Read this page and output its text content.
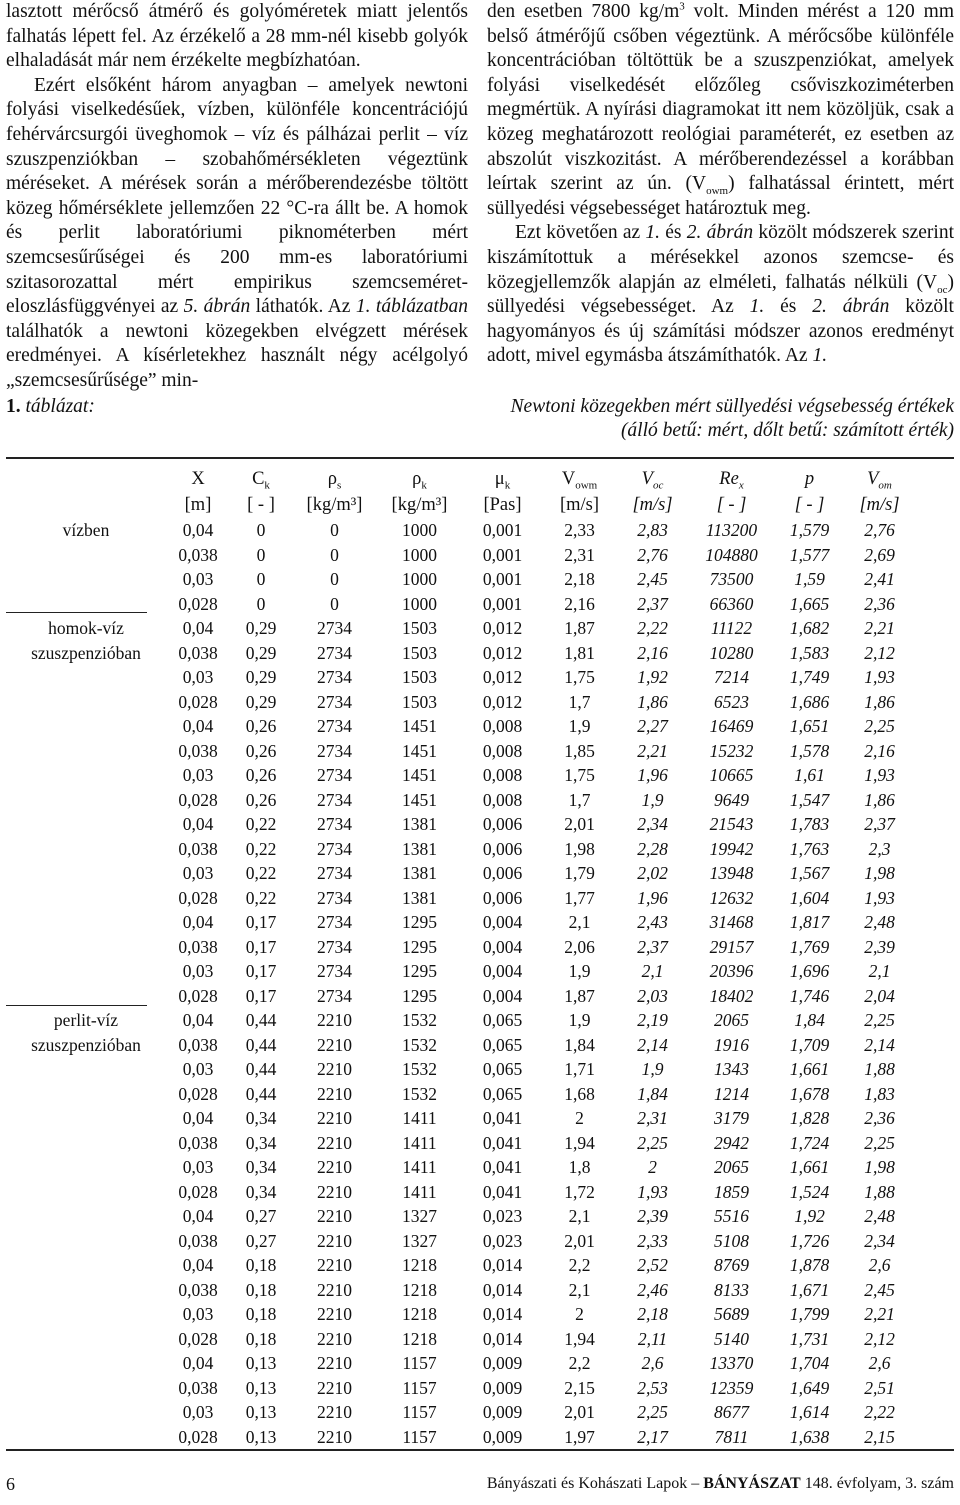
lasztott mérőcső átmérő és golyóméretek miatt jelentős falhatás lépett fel. Az érzékelő a 28 mm-nél kisebb golyók elhaladását már nem érzékelte megbízhatóan.

Ezért elsőként három anyagban – amelyek newtoni folyási viselkedésűek, vízben, különféle koncentrációjú fehérvárcsurgói üveghomok – víz és pálházai perlit – víz szuszpenziókban – szobahőmérsékleten végeztünk méréseket. A mérések során a mérőberendezésbe töltött közeg hőmérséklete jellemzően 22 °C-ra állt be. A homok és perlit laboratóriumi piknométerben mért szemcsesűrűségei és 200 mm-es laboratóriumi szitasorozattal mért empirikus szemcseméret-eloszlásfüggvényei az 5. ábrán láthatók. Az 1. táblázatban találhatók a newtoni közegekben elvégzett mérések eredményei. A kísérletekhez használt négy acélgolyó „szemcsesűrűsége” min-

den esetben 7800 $kg/m^3$ volt. Minden mérést a 120 mm belső átmérőjű csőben végeztünk. A mérőcsőbe különféle koncentrációban töltöttük be a szuszpenziókat, amelyek folyási viselkedését előzőleg csőviszkoziméterben megmértük. A nyírási diagramokat itt nem közöljük, csak a közeg meghatározott reológiai paraméterét, ez esetben az abszolút viszkozitást. A mérőberendezéssel a korábban leírtak szerint az ún. $(V_{owm})$ falhatással érintett, mért süllyedési végsebességet határoztuk meg.

Ezt követően az 1. és 2. ábrán közölt módszerek szerint kiszámítottuk a mérésekkel azonos szemcse- és közegjellemzők alapján az elméleti, falhatás nélküli $(V_{oc})$ süllyedési végsebességet. Az 1. és 2. ábrán közölt hagyományos és új számítási módszer azonos eredményt adott, mivel egymásba átszámíthatók. Az 1.

1. táblázat:	Newtoni közegekben mért süllyedési végsebesség értékek
(álló betű: mért, dőlt betű: számított érték)
	X	$C_k$	$\rho_s$	$\rho_k$	$\mu_k$	$V_{owm}$	$V_{oc}$	$Re_x$	p	$V_{om}$
	[m]	[ - ]	[kg/m³]	[kg/m³]	[Pas]	[m/s]	[m/s]	[ - ]	[ - ]	[m/s]
vízben	0,04	0	0	1000	0,001	2,33	2,83	113200	1,579	2,76
	0,038	0	0	1000	0,001	2,31	2,76	104880	1,577	2,69
	0,03	0	0	1000	0,001	2,18	2,45	73500	1,59	2,41
	0,028	0	0	1000	0,001	2,16	2,37	66360	1,665	2,36
homok-víz	0,04	0,29	2734	1503	0,012	1,87	2,22	11122	1,682	2,21
szuszpenzióban	0,038	0,29	2734	1503	0,012	1,81	2,16	10280	1,583	2,12
	0,03	0,29	2734	1503	0,012	1,75	1,92	7214	1,749	1,93
	0,028	0,29	2734	1503	0,012	1,7	1,86	6523	1,686	1,86
	0,04	0,26	2734	1451	0,008	1,9	2,27	16469	1,651	2,25
	0,038	0,26	2734	1451	0,008	1,85	2,21	15232	1,578	2,16
	0,03	0,26	2734	1451	0,008	1,75	1,96	10665	1,61	1,93
	0,028	0,26	2734	1451	0,008	1,7	1,9	9649	1,547	1,86
	0,04	0,22	2734	1381	0,006	2,01	2,34	21543	1,783	2,37
	0,038	0,22	2734	1381	0,006	1,98	2,28	19942	1,763	2,3
	0,03	0,22	2734	1381	0,006	1,79	2,02	13948	1,567	1,98
	0,028	0,22	2734	1381	0,006	1,77	1,96	12632	1,604	1,93
	0,04	0,17	2734	1295	0,004	2,1	2,43	31468	1,817	2,48
	0,038	0,17	2734	1295	0,004	2,06	2,37	29157	1,769	2,39
	0,03	0,17	2734	1295	0,004	1,9	2,1	20396	1,696	2,1
	0,028	0,17	2734	1295	0,004	1,87	2,03	18402	1,746	2,04
perlit-víz	0,04	0,44	2210	1532	0,065	1,9	2,19	2065	1,84	2,25
szuszpenzióban	0,038	0,44	2210	1532	0,065	1,84	2,14	1916	1,709	2,14
	0,03	0,44	2210	1532	0,065	1,71	1,9	1343	1,661	1,88
	0,028	0,44	2210	1532	0,065	1,68	1,84	1214	1,678	1,83
	0,04	0,34	2210	1411	0,041	2	2,31	3179	1,828	2,36
	0,038	0,34	2210	1411	0,041	1,94	2,25	2942	1,724	2,25
	0,03	0,34	2210	1411	0,041	1,8	2	2065	1,661	1,98
	0,028	0,34	2210	1411	0,041	1,72	1,93	1859	1,524	1,88
	0,04	0,27	2210	1327	0,023	2,1	2,39	5516	1,92	2,48
	0,038	0,27	2210	1327	0,023	2,01	2,33	5108	1,726	2,34
	0,04	0,18	2210	1218	0,014	2,2	2,52	8769	1,878	2,6
	0,038	0,18	2210	1218	0,014	2,1	2,46	8133	1,671	2,45
	0,03	0,18	2210	1218	0,014	2	2,18	5689	1,799	2,21
	0,028	0,18	2210	1218	0,014	1,94	2,11	5140	1,731	2,12
	0,04	0,13	2210	1157	0,009	2,2	2,6	13370	1,704	2,6
	0,038	0,13	2210	1157	0,009	2,15	2,53	12359	1,649	2,51
	0,03	0,13	2210	1157	0,009	2,01	2,25	8677	1,614	2,22
	0,028	0,13	2210	1157	0,009	1,97	2,17	7811	1,638	2,15
6	Bányászati és Kohászati Lapok – BÁNYÁSZAT 148. évfolyam, 3. szám
